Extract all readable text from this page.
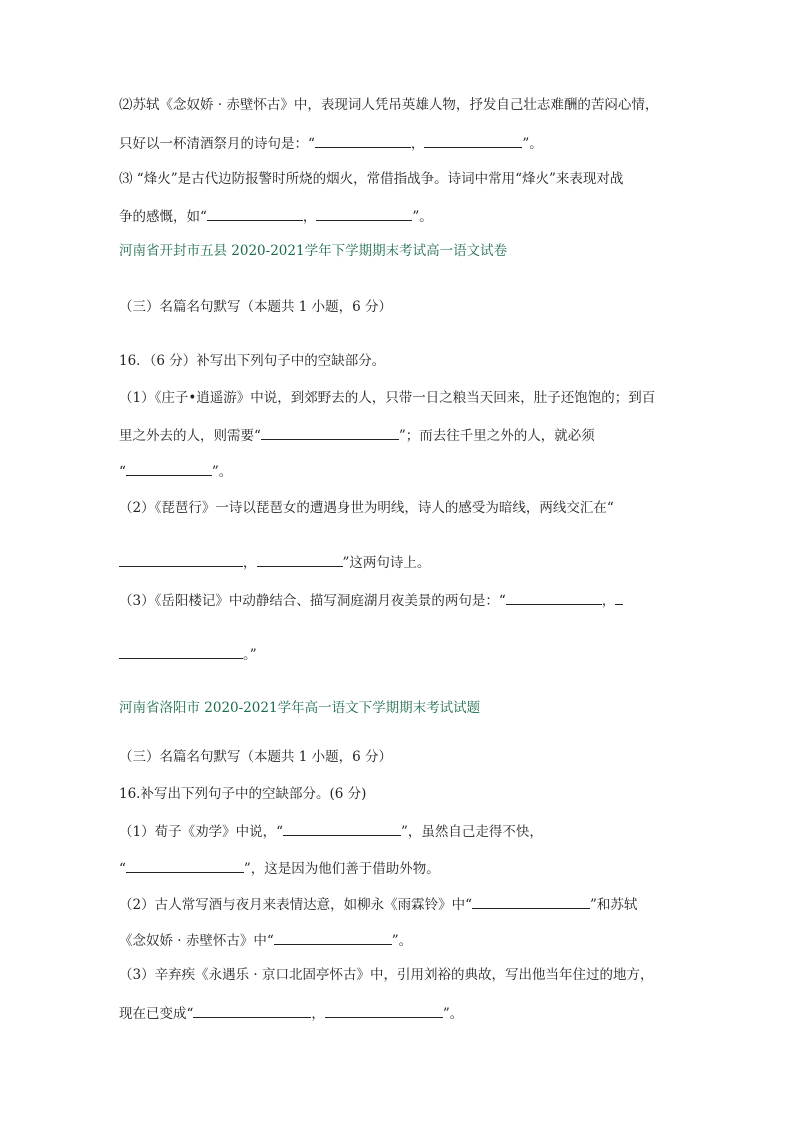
⑵苏轼《念奴娇 · 赤壁怀古》中，表现词人凭吊英雄人物，抒发自己壮志难酬的苦闷心情，
只好以一杯清酒祭月的诗句是：“	，	”。
⑶ “烽火”是古代边防报警时所烧的烟火，常借指战争。诗词中常用“烽火”来表现对战
争的感慨，如“	，	”。
河南省开封市五县 2020-2021学年下学期期末考试高一语文试卷
（三）名篇名句默写（本题共 1 小题，6 分）
16．（6 分）补写出下列句子中的空缺部分。
（1）《庄子•逍遥游》中说，到郊野去的人，只带一日之粮当天回来，肚子还饱饱的；到百
里之外去的人，则需要“	”；而去往千里之外的人，就必须
“	”。
（2）《琵琶行》一诗以琵琶女的遭遇身世为明线，诗人的感受为暗线，两线交汇在“
，	”这两句诗上。
（3）《岳阳楼记》中动静结合、描写洞庭湖月夜美景的两句是：“	，
。”
河南省洛阳市 2020-2021学年高一语文下学期期末考试试题
（三）名篇名句默写（本题共 1 小题，6 分）
16.补写出下列句子中的空缺部分。(6 分)
（1）荀子《劝学》中说，“	”，虽然自己走得不快，
“	”，这是因为他们善于借助外物。
（2）古人常写酒与夜月来表情达意，如柳永《雨霖铃》中“	”和苏轼
《念奴娇 · 赤壁怀古》中“	”。
（3）辛弃疾《永遇乐 · 京口北固亭怀古》中，引用刘裕的典故，写出他当年住过的地方，
现在已变成“	，	”。
